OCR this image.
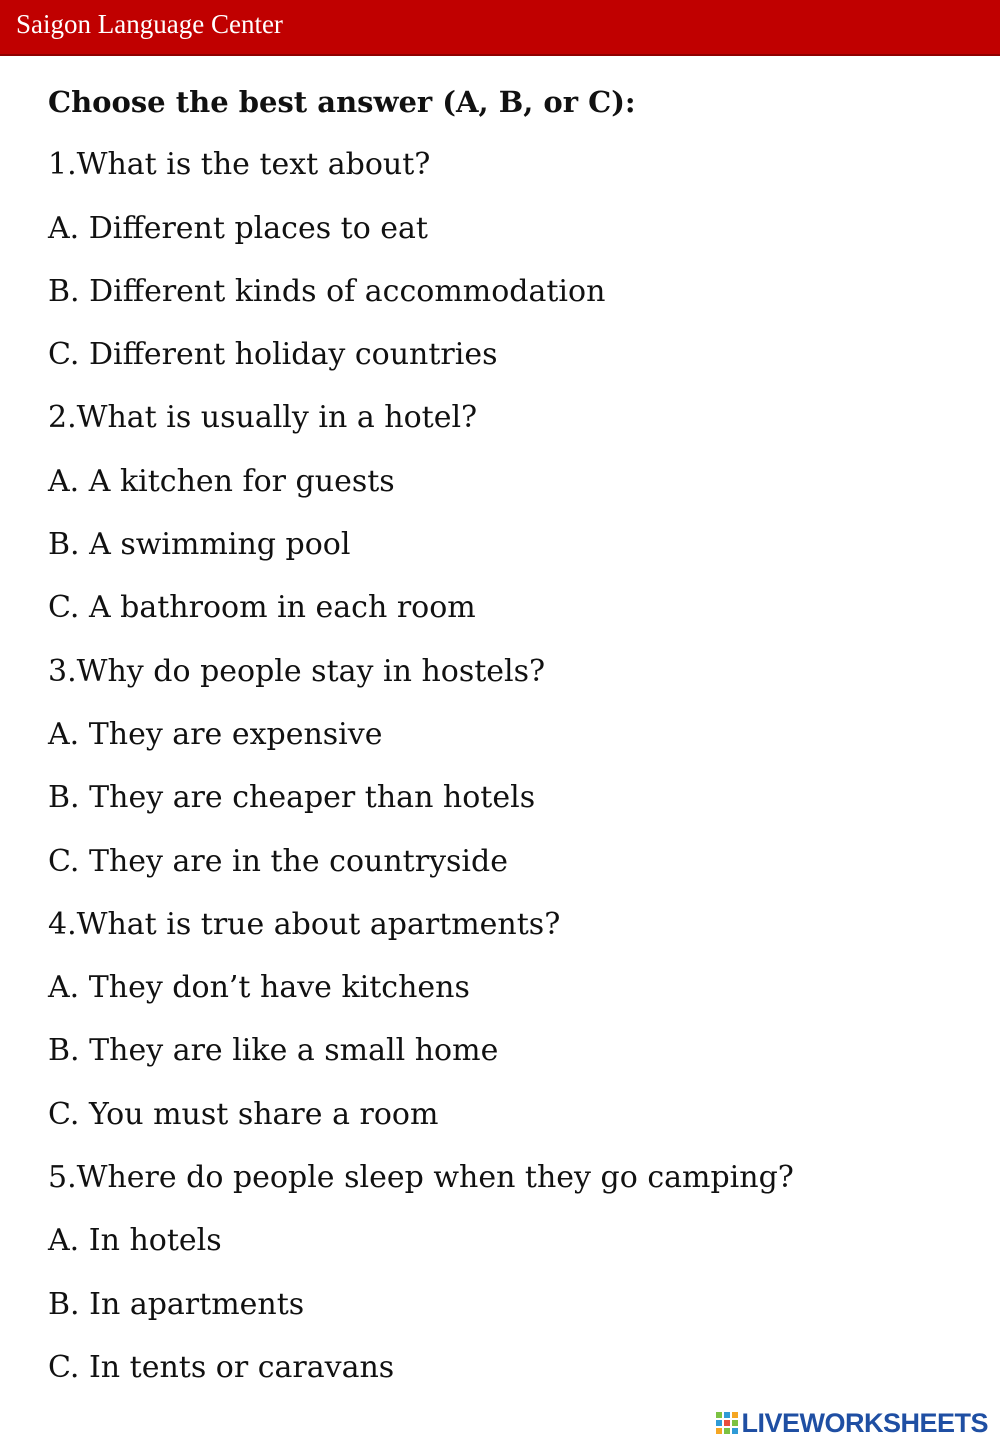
Saigon Language Center
Choose the best answer (A, B, or C):
1.What is the text about?
A. Different places to eat
B. Different kinds of accommodation
C. Different holiday countries
2.What is usually in a hotel?
A. A kitchen for guests
B. A swimming pool
C. A bathroom in each room
3.Why do people stay in hostels?
A. They are expensive
B. They are cheaper than hotels
C. They are in the countryside
4.What is true about apartments?
A. They don’t have kitchens
B. They are like a small home
C. You must share a room
5.Where do people sleep when they go camping?
A. In hotels
B. In apartments
C. In tents or caravans
LIVEWORKSHEETS
